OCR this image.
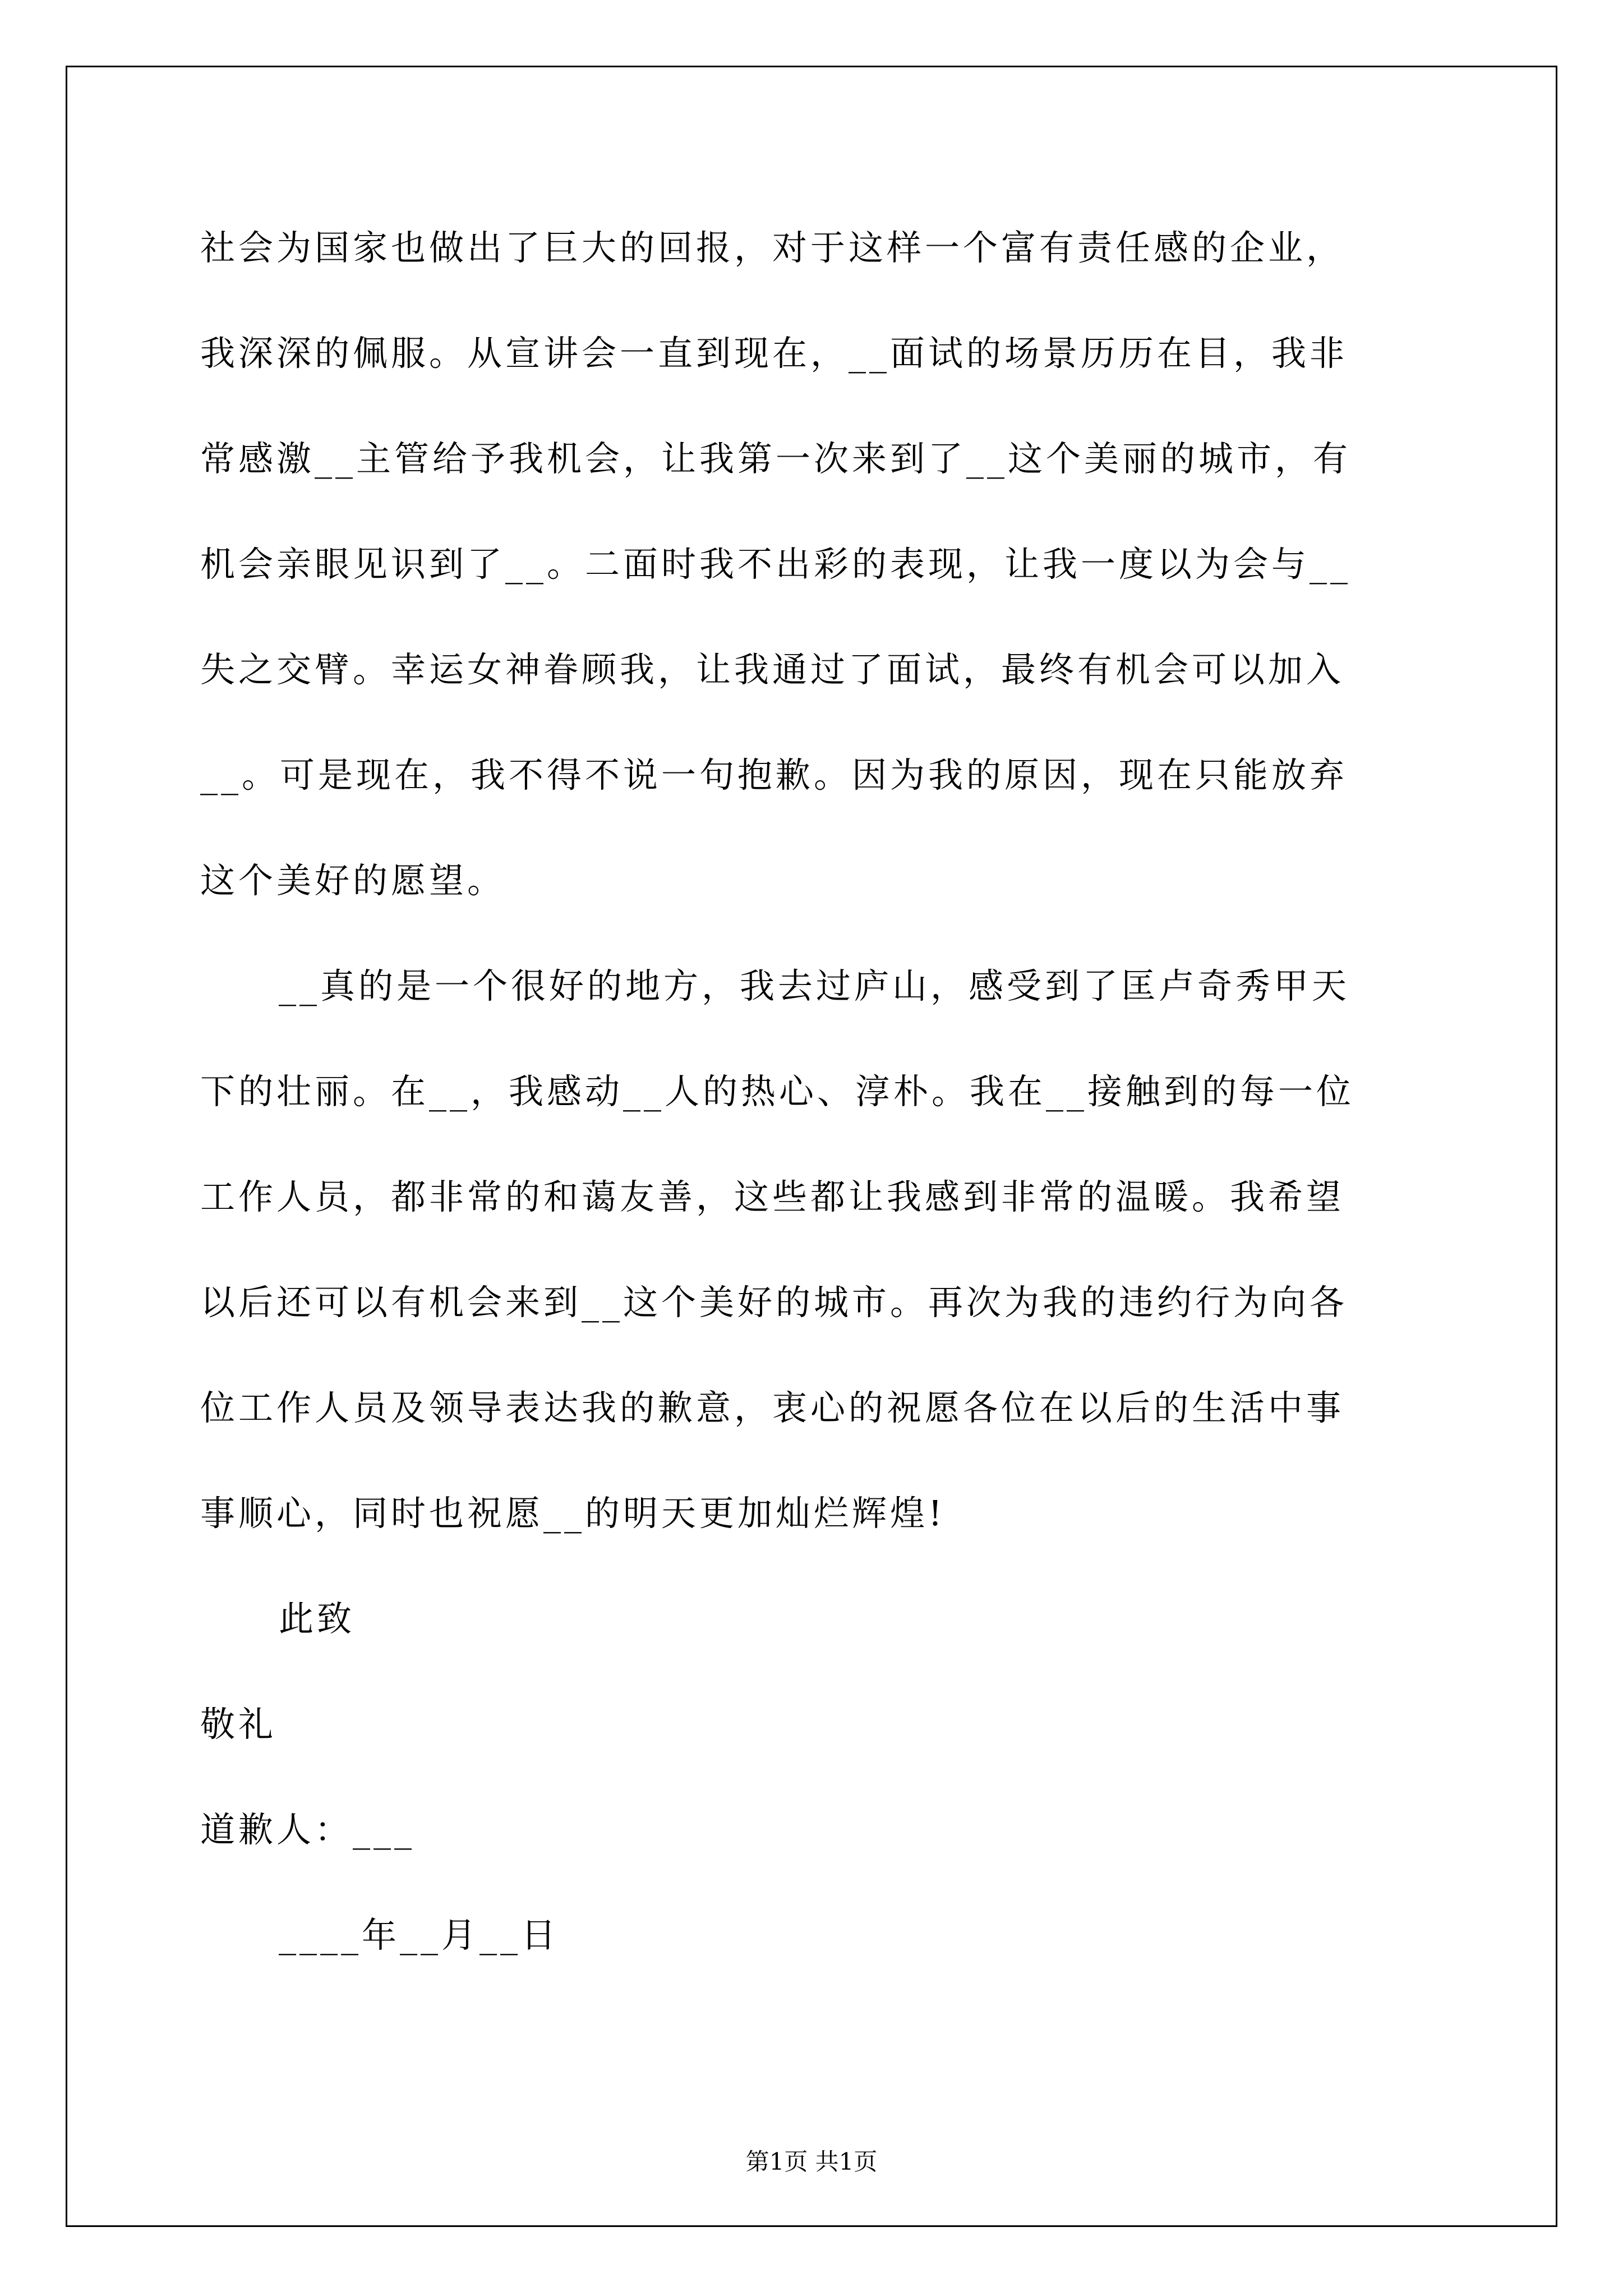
社会为国家也做出了巨大的回报，对于这样一个富有责任感的企业，
我深深的佩服。从宣讲会一直到现在，__面试的场景历历在目，我非
常感激__主管给予我机会，让我第一次来到了__这个美丽的城市，有
机会亲眼见识到了__。二面时我不出彩的表现，让我一度以为会与__
失之交臂。幸运女神眷顾我，让我通过了面试，最终有机会可以加入
__。可是现在，我不得不说一句抱歉。因为我的原因，现在只能放弃
这个美好的愿望。
__真的是一个很好的地方，我去过庐山，感受到了匡卢奇秀甲天
下的壮丽。在__，我感动__人的热心、淳朴。我在__接触到的每一位
工作人员，都非常的和蔼友善，这些都让我感到非常的温暖。我希望
以后还可以有机会来到__这个美好的城市。再次为我的违约行为向各
位工作人员及领导表达我的歉意，衷心的祝愿各位在以后的生活中事
事顺心，同时也祝愿__的明天更加灿烂辉煌!
此致
敬礼
道歉人：___
____年__月__日
第1页 共1页
